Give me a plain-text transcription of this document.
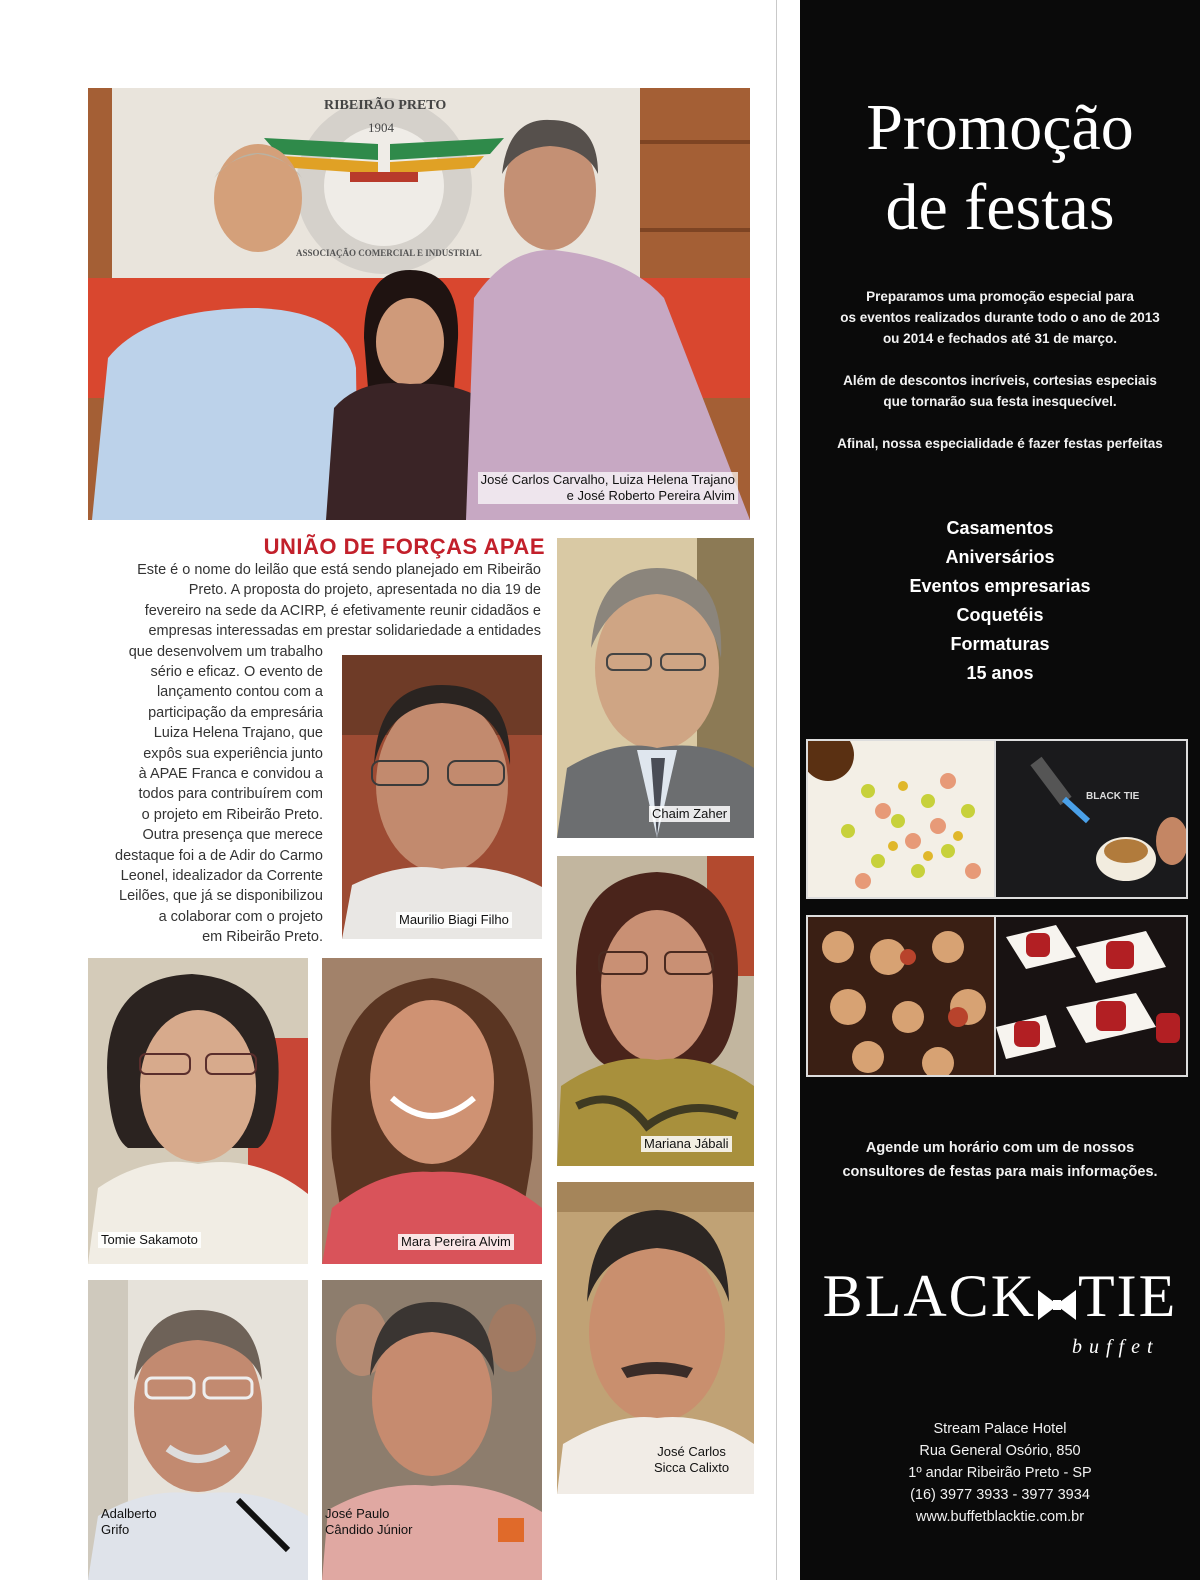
RIBEIRÃO PRETO
1904
ASSOCIAÇÃO COMERCIAL E INDUSTRIAL
José Carlos Carvalho, Luiza Helena Trajano
e José Roberto Pereira Alvim
UNIÃO DE FORÇAS APAE
Este é o nome do leilão que está sendo planejado em Ribeirão
Preto. A proposta do projeto, apresentada no dia 19 de
fevereiro na sede da ACIRP, é efetivamente reunir cidadãos e
empresas interessadas em prestar solidariedade a entidades
que desenvolvem um trabalho
sério e eficaz. O evento de
lançamento contou com a
participação da empresária
Luiza Helena Trajano, que
expôs sua experiência junto
à APAE Franca e convidou a
todos para contribuírem com
o projeto em Ribeirão Preto.
Outra presença que merece
destaque foi a de Adir do Carmo
Leonel, idealizador da Corrente
Leilões, que já se disponibilizou
a colaborar com o projeto
em Ribeirão Preto.
Chaim Zaher
Maurilio Biagi Filho
Mariana Jábali
Tomie Sakamoto	Mara Pereira Alvim
Adalberto
Grifo
José Paulo
Cândido Júnior
José Carlos
Sicca Calixto
Promoção
de festas
Preparamos uma promoção especial para
os eventos realizados durante todo o ano de 2013
ou 2014 e fechados até 31 de março.
Além de descontos incríveis, cortesias especiais
que tornarão sua festa inesquecível.
Afinal, nossa especialidade é fazer festas perfeitas
Casamentos
Aniversários
Eventos empresarias
Coquetéis
Formaturas
15 anos
BLACK TIE
Agende um horário com um de nossos
consultores de festas para mais informações.
BLACK TIE
buffet
Stream Palace Hotel
Rua General Osório, 850
1º andar Ribeirão Preto - SP
(16) 3977 3933 - 3977 3934
www.buffetblacktie.com.br
